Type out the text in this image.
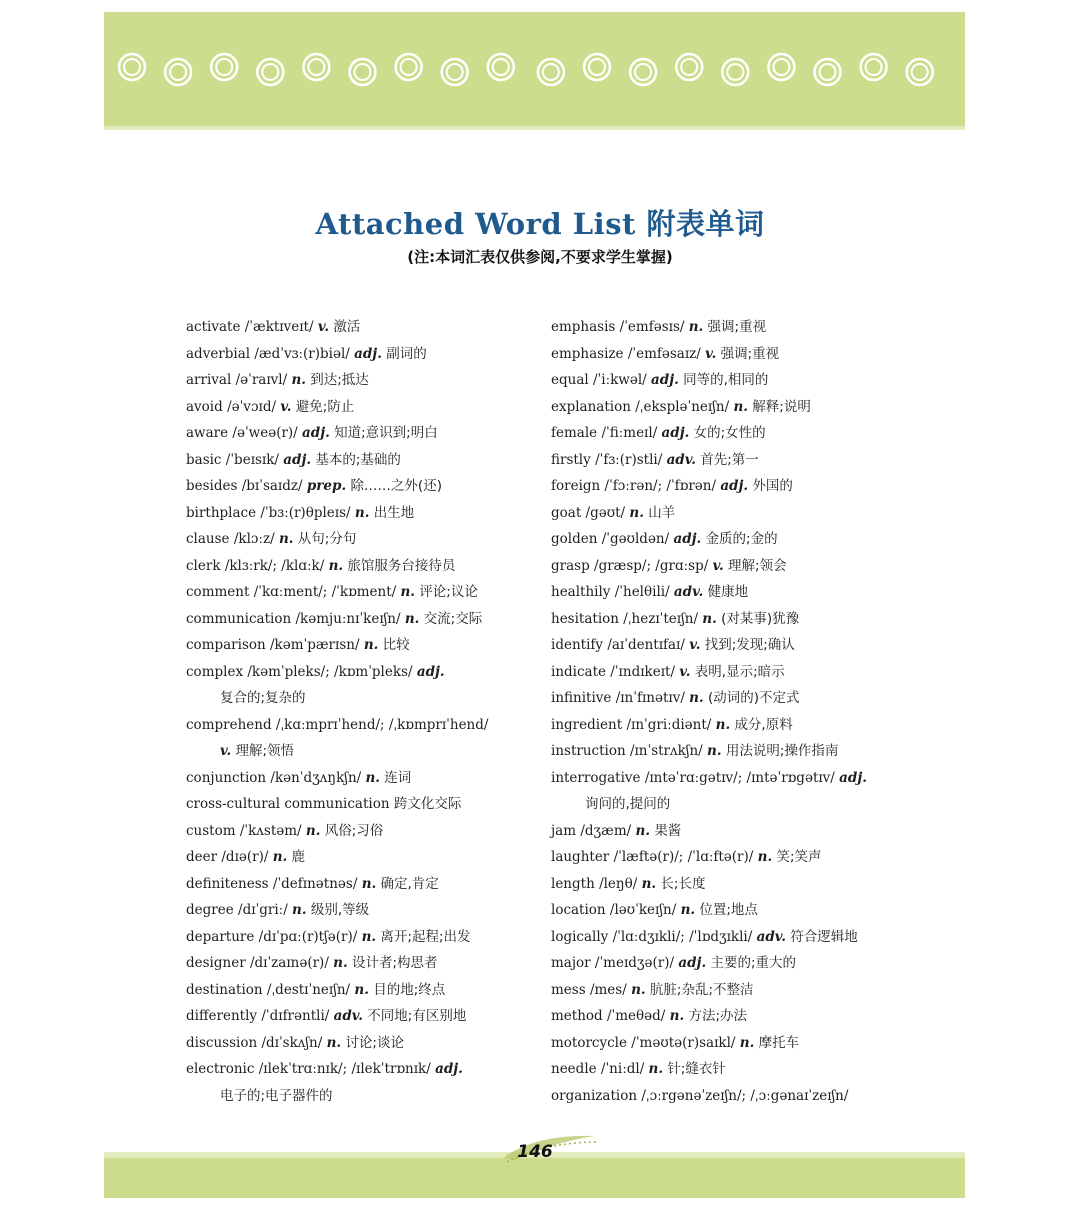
Attached Word List 附表单词
(注:本词汇表仅供参阅,不要求学生掌握)
activate /ˈæktɪveɪt/ v. 激活
adverbial /ædˈvɜː(r)biəl/ adj. 副词的
arrival /əˈraɪvl/ n. 到达;抵达
avoid /əˈvɔɪd/ v. 避免;防止
aware /əˈweə(r)/ adj. 知道;意识到;明白
basic /ˈbeɪsɪk/ adj. 基本的;基础的
besides /bɪˈsaɪdz/ prep. 除……之外(还)
birthplace /ˈbɜː(r)θpleɪs/ n. 出生地
clause /klɔːz/ n. 从句;分句
clerk /klɜːrk/; /klɑːk/ n. 旅馆服务台接待员
comment /ˈkɑːment/; /ˈkɒment/ n. 评论;议论
communication /kəmjuːnɪˈkeɪʃn/ n. 交流;交际
comparison /kəmˈpærɪsn/ n. 比较
complex /kəmˈpleks/; /kɒmˈpleks/ adj.
复合的;复杂的
comprehend /ˌkɑːmprɪˈhend/; /ˌkɒmprɪˈhend/
v. 理解;领悟
conjunction /kənˈdʒʌŋkʃn/ n. 连词
cross-cultural communication 跨文化交际
custom /ˈkʌstəm/ n. 风俗;习俗
deer /dɪə(r)/ n. 鹿
definiteness /ˈdefɪnətnəs/ n. 确定,肯定
degree /dɪˈgriː/ n. 级别,等级
departure /dɪˈpɑː(r)tʃə(r)/ n. 离开;起程;出发
designer /dɪˈzaɪnə(r)/ n. 设计者;构思者
destination /ˌdestɪˈneɪʃn/ n. 目的地;终点
differently /ˈdɪfrəntli/ adv. 不同地;有区别地
discussion /dɪˈskʌʃn/ n. 讨论;谈论
electronic /ɪlekˈtrɑːnɪk/; /ɪlekˈtrɒnɪk/ adj.
电子的;电子器件的
emphasis /ˈemfəsɪs/ n. 强调;重视
emphasize /ˈemfəsaɪz/ v. 强调;重视
equal /ˈiːkwəl/ adj. 同等的,相同的
explanation /ˌekspləˈneɪʃn/ n. 解释;说明
female /ˈfiːmeɪl/ adj. 女的;女性的
firstly /ˈfɜː(r)stli/ adv. 首先;第一
foreign /ˈfɔːrən/; /ˈfɒrən/ adj. 外国的
goat /gəʊt/ n. 山羊
golden /ˈgəʊldən/ adj. 金质的;金的
grasp /græsp/; /grɑːsp/ v. 理解;领会
healthily /ˈhelθili/ adv. 健康地
hesitation /ˌhezɪˈteɪʃn/ n. (对某事)犹豫
identify /aɪˈdentɪfaɪ/ v. 找到;发现;确认
indicate /ˈɪndɪkeɪt/ v. 表明,显示;暗示
infinitive /ɪnˈfɪnətɪv/ n. (动词的)不定式
ingredient /ɪnˈgriːdiənt/ n. 成分,原料
instruction /ɪnˈstrʌkʃn/ n. 用法说明;操作指南
interrogative /ɪntəˈrɑːgətɪv/; /ɪntəˈrɒgətɪv/ adj.
询问的,提问的
jam /dʒæm/ n. 果酱
laughter /ˈlæftə(r)/; /ˈlɑːftə(r)/ n. 笑;笑声
length /leŋθ/ n. 长;长度
location /ləʊˈkeɪʃn/ n. 位置;地点
logically /ˈlɑːdʒɪkli/; /ˈlɒdʒɪkli/ adv. 符合逻辑地
major /ˈmeɪdʒə(r)/ adj. 主要的;重大的
mess /mes/ n. 肮脏;杂乱;不整洁
method /ˈmeθəd/ n. 方法;办法
motorcycle /ˈməʊtə(r)saɪkl/ n. 摩托车
needle /ˈniːdl/ n. 针;缝衣针
organization /ˌɔːrgənəˈzeɪʃn/; /ˌɔːgənaɪˈzeɪʃn/
146
